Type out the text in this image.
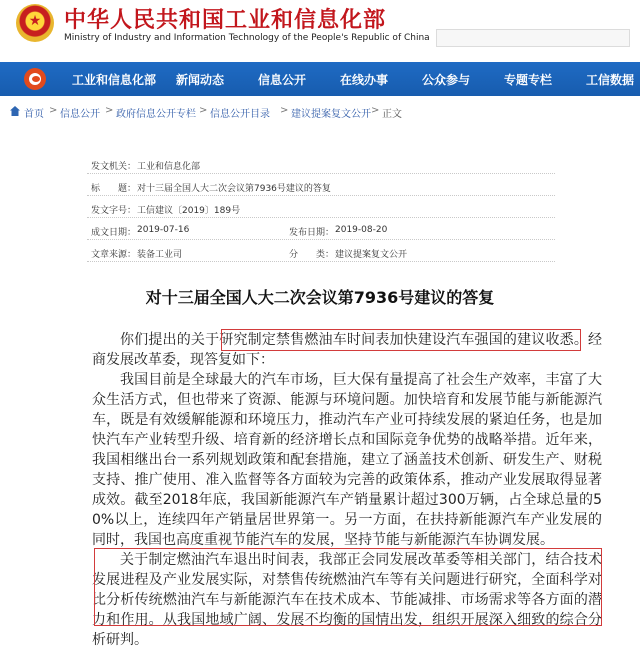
★	中华人民共和国工业和信息化部
Ministry of Industry and Information Technology of the People's Republic of China
工业和信息化部 新闻动态	信息公开	在线办事	公众参与	专题专栏	工信数据
首页 > 信息公开 > 政府信息公开专栏 > 信息公开目录 > 建议提案复文公开 > 正文
发文机关： 工业和信息化部
标　　题： 对十三届全国人大二次会议第7936号建议的答复
发文字号： 工信建议〔2019〕189号
成文日期： 2019-07-16	发布日期： 2019-08-20
文章来源： 装备工业司	分　　类： 建议提案复文公开
对十三届全国人大二次会议第7936号建议的答复

你们提出的关于研究制定禁售燃油车时间表加快建设汽车强国的建议收悉。经商发展改革委，现答复如下：

我国目前是全球最大的汽车市场，巨大保有量提高了社会生产效率，丰富了大众生活方式，但也带来了资源、能源与环境问题。加快培育和发展节能与新能源汽车，既是有效缓解能源和环境压力，推动汽车产业可持续发展的紧迫任务，也是加快汽车产业转型升级、培育新的经济增长点和国际竞争优势的战略举措。近年来，我国相继出台一系列规划政策和配套措施，建立了涵盖技术创新、研发生产、财税支持、推广使用、准入监督等各方面较为完善的政策体系，推动产业发展取得显著成效。截至2018年底，我国新能源汽车产销量累计超过300万辆，占全球总量的50%以上，连续四年产销量居世界第一。另一方面，在扶持新能源汽车产业发展的同时，我国也高度重视节能汽车的发展，坚持节能与新能源汽车协调发展。

关于制定燃油汽车退出时间表，我部正会同发展改革委等相关部门，结合技术发展进程及产业发展实际，对禁售传统燃油汽车等有关问题进行研究，全面科学对比分析传统燃油汽车与新能源汽车在技术成本、节能减排、市场需求等各方面的潜力和作用。从我国地域广阔、发展不均衡的国情出发，组织开展深入细致的综合分析研判。
